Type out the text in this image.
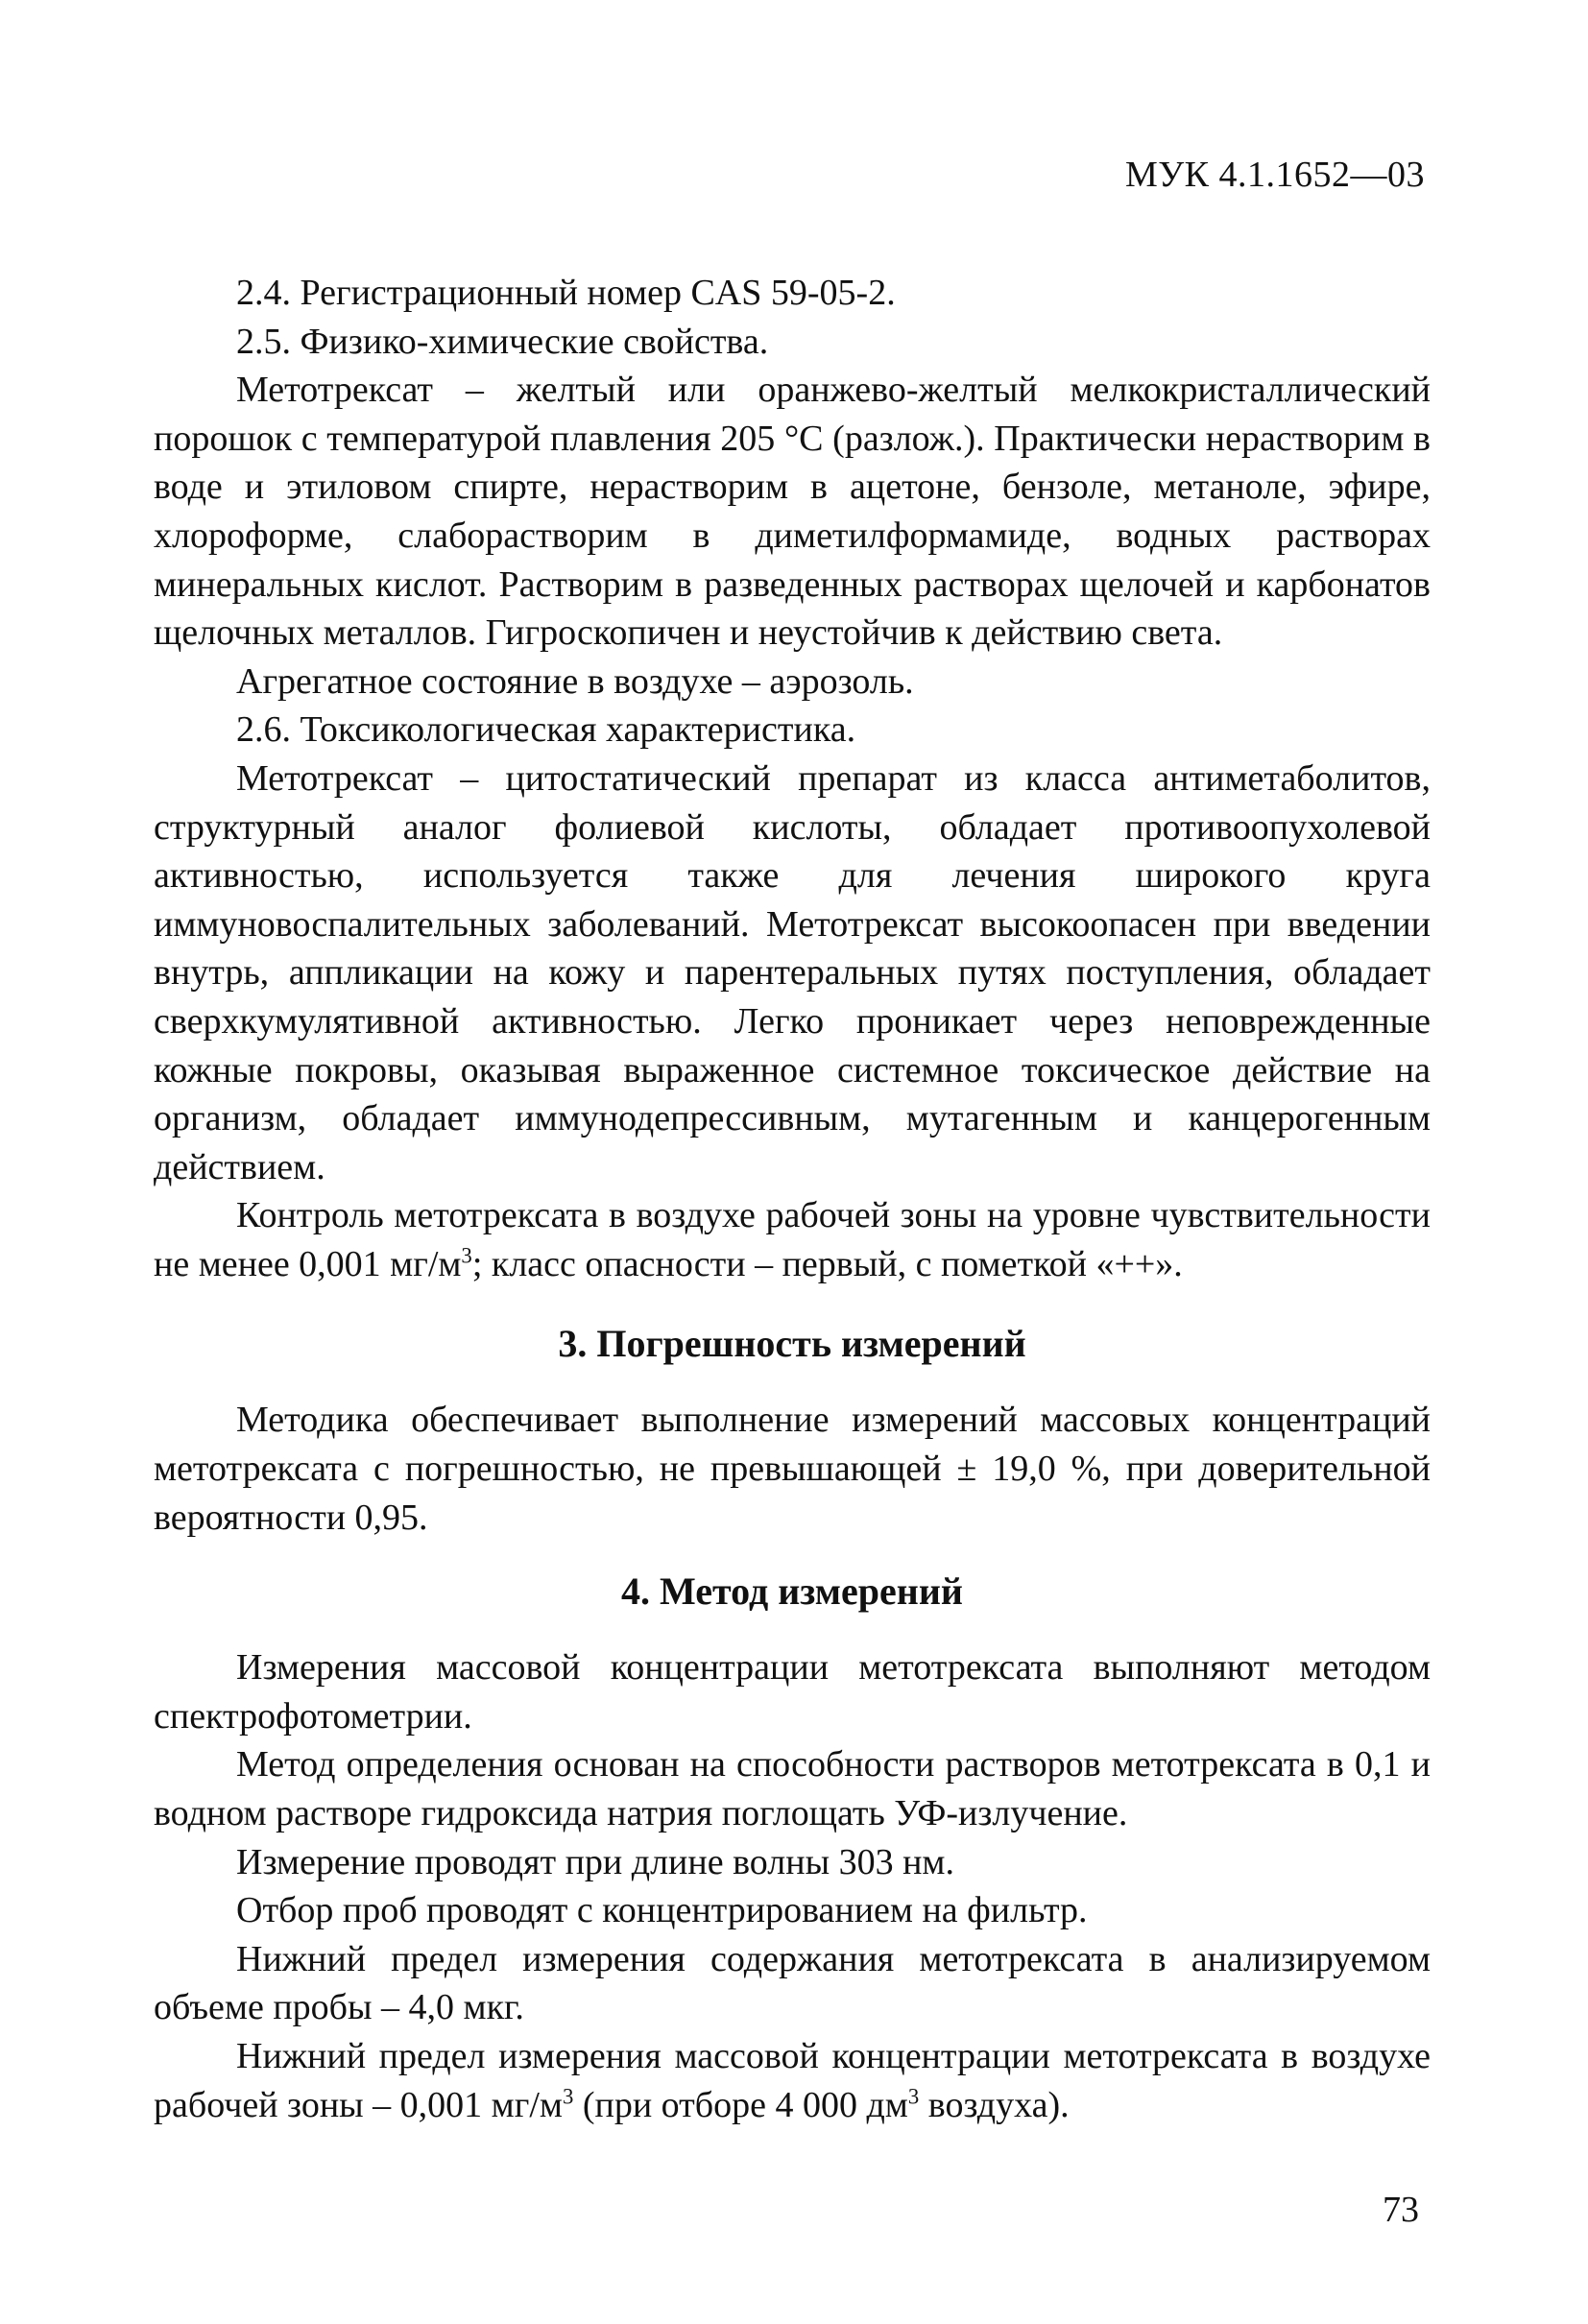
МУК 4.1.1652—03

2.4. Регистрационный номер CAS 59-05-2.

2.5. Физико-химические свойства.

Метотрексат – желтый или оранжево-желтый мелкокристаллический порошок с температурой плавления 205 °С (разлож.). Практически нерастворим в воде и этиловом спирте, нерастворим в ацетоне, бензоле, метаноле, эфире, хлороформе, слаборастворим в диметилформамиде, водных растворах минеральных кислот. Растворим в разведенных растворах щелочей и карбонатов щелочных металлов. Гигроскопичен и неустойчив к действию света.

Агрегатное состояние в воздухе – аэрозоль.

2.6. Токсикологическая характеристика.

Метотрексат – цитостатический препарат из класса антиметаболитов, структурный аналог фолиевой кислоты, обладает противоопухолевой активностью, используется также для лечения широкого круга иммуновоспалительных заболеваний. Метотрексат высокоопасен при введении внутрь, аппликации на кожу и парентеральных путях поступления, обладает сверхкумулятивной активностью. Легко проникает через неповрежденные кожные покровы, оказывая выраженное системное токсическое действие на организм, обладает иммунодепрессивным, мутагенным и канцерогенным действием.

Контроль метотрексата в воздухе рабочей зоны на уровне чувствительности не менее 0,001 $мг/м^3$; класс опасности – первый, с пометкой «++».

3. Погрешность измерений

Методика обеспечивает выполнение измерений массовых концентраций метотрексата с погрешностью, не превышающей ± 19,0 %, при доверительной вероятности 0,95.

4. Метод измерений

Измерения массовой концентрации метотрексата выполняют методом спектрофотометрии.

Метод определения основан на способности растворов метотрексата в 0,1 и водном растворе гидроксида натрия поглощать УФ-излучение.

Измерение проводят при длине волны 303 нм.

Отбор проб проводят с концентрированием на фильтр.

Нижний предел измерения содержания метотрексата в анализируемом объеме пробы – 4,0 мкг.

Нижний предел измерения массовой концентрации метотрексата в воздухе рабочей зоны – 0,001 $мг/м^3$ (при отборе 4 000 $дм^3$ воздуха).

73
